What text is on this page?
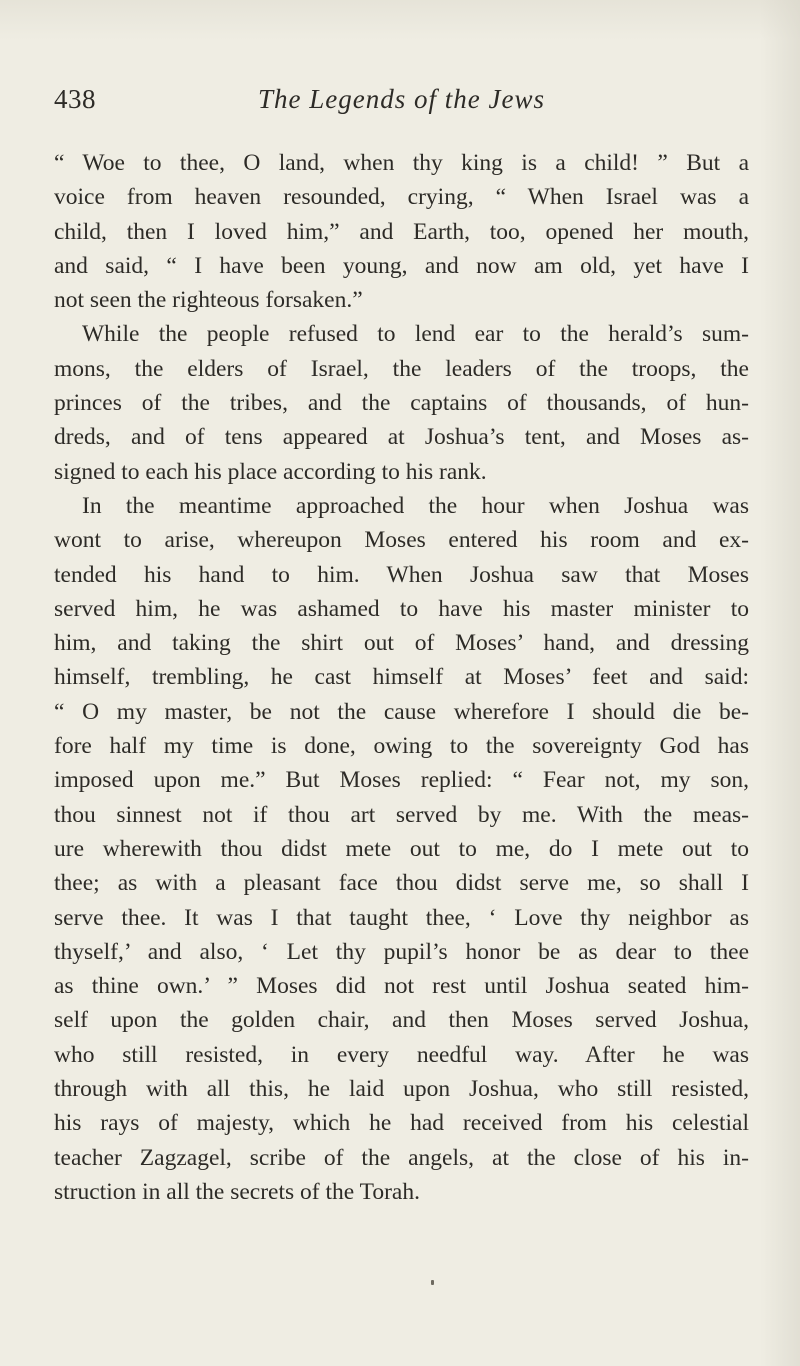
438	The Legends of the Jews
“ Woe to thee, O land, when thy king is a child! ” But a
voice from heaven resounded, crying, “ When Israel was a
child, then I loved him,” and Earth, too, opened her mouth,
and said, “ I have been young, and now am old, yet have I
not seen the righteous forsaken.”
While the people refused to lend ear to the herald’s sum-
mons, the elders of Israel, the leaders of the troops, the
princes of the tribes, and the captains of thousands, of hun-
dreds, and of tens appeared at Joshua’s tent, and Moses as-
signed to each his place according to his rank.
In the meantime approached the hour when Joshua was
wont to arise, whereupon Moses entered his room and ex-
tended his hand to him. When Joshua saw that Moses
served him, he was ashamed to have his master minister to
him, and taking the shirt out of Moses’ hand, and dressing
himself, trembling, he cast himself at Moses’ feet and said:
“ O my master, be not the cause wherefore I should die be-
fore half my time is done, owing to the sovereignty God has
imposed upon me.” But Moses replied: “ Fear not, my son,
thou sinnest not if thou art served by me. With the meas-
ure wherewith thou didst mete out to me, do I mete out to
thee; as with a pleasant face thou didst serve me, so shall I
serve thee. It was I that taught thee, ‘ Love thy neighbor as
thyself,’ and also, ‘ Let thy pupil’s honor be as dear to thee
as thine own.’ ” Moses did not rest until Joshua seated him-
self upon the golden chair, and then Moses served Joshua,
who still resisted, in every needful way. After he was
through with all this, he laid upon Joshua, who still resisted,
his rays of majesty, which he had received from his celestial
teacher Zagzagel, scribe of the angels, at the close of his in-
struction in all the secrets of the Torah.
